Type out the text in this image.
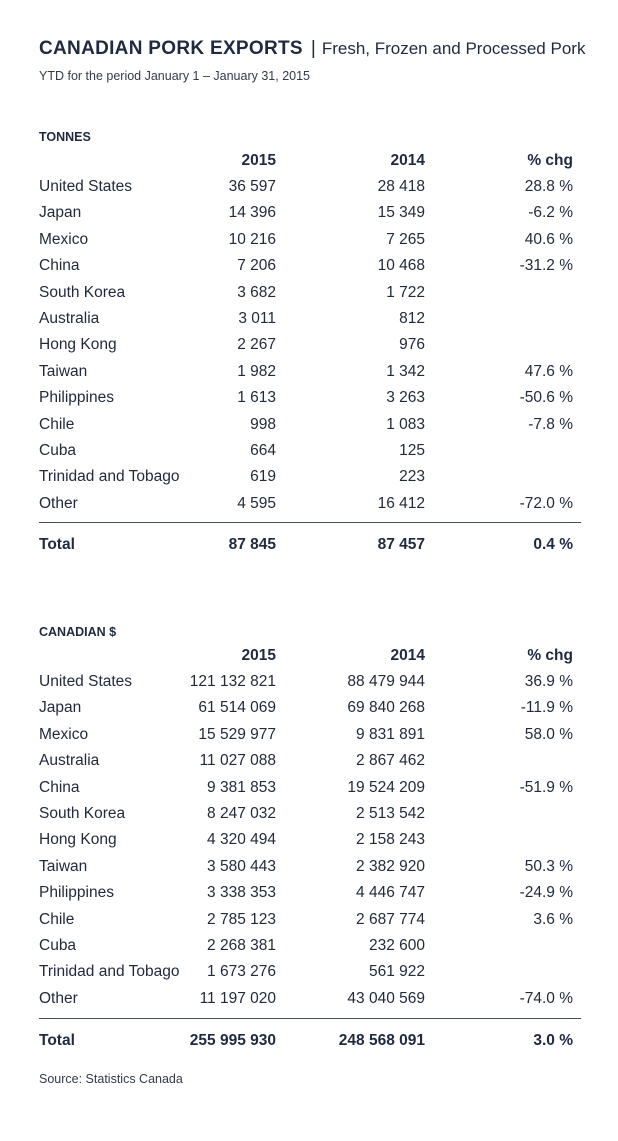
CANADIAN PORK EXPORTS | Fresh, Frozen and Processed Pork
YTD for the period January 1 – January 31, 2015
TONNES
	2015	2014	% chg	
United States	36 597	28 418	28.8 %	
Japan	14 396	15 349	-6.2 %	
Mexico	10 216	7 265	40.6 %	
China	7 206	10 468	-31.2 %	
South Korea	3 682	1 722		
Australia	3 011	812		
Hong Kong	2 267	976		
Taiwan	1 982	1 342	47.6 %	
Philippines	1 613	3 263	-50.6 %	
Chile	998	1 083	-7.8 %	
Cuba	664	125		
Trinidad and Tobago	619	223		
Other	4 595	16 412	-72.0 %	
Total	87 845	87 457	0.4 %
CANADIAN $
	2015	2014	% chg	
United States	121 132 821	88 479 944	36.9 %	
Japan	61 514 069	69 840 268	-11.9 %	
Mexico	15 529 977	9 831 891	58.0 %	
Australia	11 027 088	2 867 462		
China	9 381 853	19 524 209	-51.9 %	
South Korea	8 247 032	2 513 542		
Hong Kong	4 320 494	2 158 243		
Taiwan	3 580 443	2 382 920	50.3 %	
Philippines	3 338 353	4 446 747	-24.9 %	
Chile	2 785 123	2 687 774	3.6 %	
Cuba	2 268 381	232 600		
Trinidad and Tobago	1 673 276	561 922		
Other	11 197 020	43 040 569	-74.0 %	
Total	255 995 930	248 568 091	3.0 %
Source: Statistics Canada
